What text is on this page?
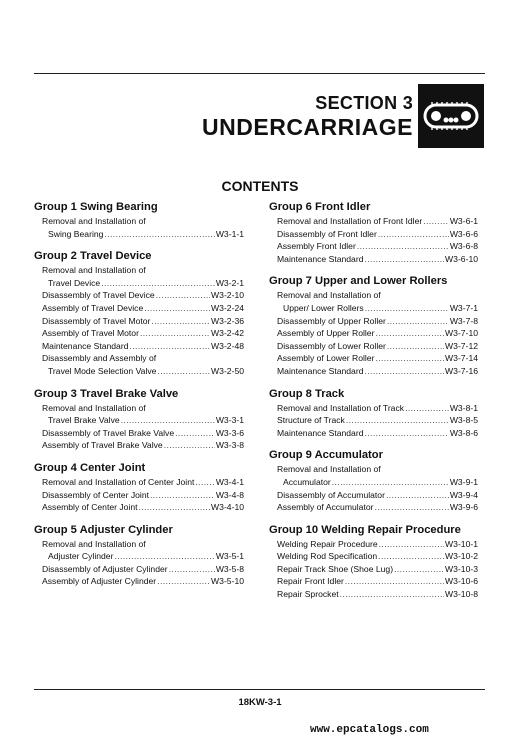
SECTION 3
UNDERCARRIAGE
CONTENTS
Group 1 Swing Bearing
Removal and Installation of
Swing Bearing .....	W3-1-1
Group 2 Travel Device
Removal and Installation of
Travel Device .....	W3-2-1
Disassembly of Travel Device .....	W3-2-10
Assembly of Travel Device .....	W3-2-24
Disassembly of Travel Motor .....	W3-2-36
Assembly of Travel Motor .....	W3-2-42
Maintenance Standard .....	W3-2-48
Disassembly and Assembly of
Travel Mode Selection Valve .....	W3-2-50
Group 3 Travel Brake Valve
Removal and Installation of
Travel Brake Valve .....	W3-3-1
Disassembly of Travel Brake Valve .....	W3-3-6
Assembly of Travel Brake Valve .....	W3-3-8
Group 4 Center Joint
Removal and Installation of Center Joint ..... W3-4-1
Disassembly of Center Joint .....	W3-4-8
Assembly of Center Joint .....	W3-4-10
Group 5 Adjuster Cylinder
Removal and Installation of
Adjuster Cylinder .....	W3-5-1
Disassembly of Adjuster Cylinder .....	W3-5-8
Assembly of Adjuster Cylinder .....	W3-5-10
Group 6 Front Idler
Removal and Installation of Front Idler .....	W3-6-1
Disassembly of Front Idler .....	W3-6-6
Assembly Front Idler .....	W3-6-8
Maintenance Standard .....	W3-6-10
Group 7 Upper and Lower Rollers
Removal and Installation of
Upper/ Lower Rollers .....	W3-7-1
Disassembly of Upper Roller .....	W3-7-8
Assembly of Upper Roller .....	W3-7-10
Disassembly of Lower Roller .....	W3-7-12
Assembly of Lower Roller .....	W3-7-14
Maintenance Standard .....	W3-7-16
Group 8 Track
Removal and Installation of Track .....	W3-8-1
Structure of Track .....	W3-8-5
Maintenance Standard .....	W3-8-6
Group 9 Accumulator
Removal and Installation of
Accumulator .....	W3-9-1
Disassembly of Accumulator .....	W3-9-4
Assembly of Accumulator .....	W3-9-6
Group 10 Welding Repair Procedure
Welding Repair Procedure .....	W3-10-1
Welding Rod Specification .....	W3-10-2
Repair Track Shoe (Shoe Lug) .....	W3-10-3
Repair Front Idler .....	W3-10-6
Repair Sprocket .....	W3-10-8
18KW-3-1
www.epcatalogs.com
